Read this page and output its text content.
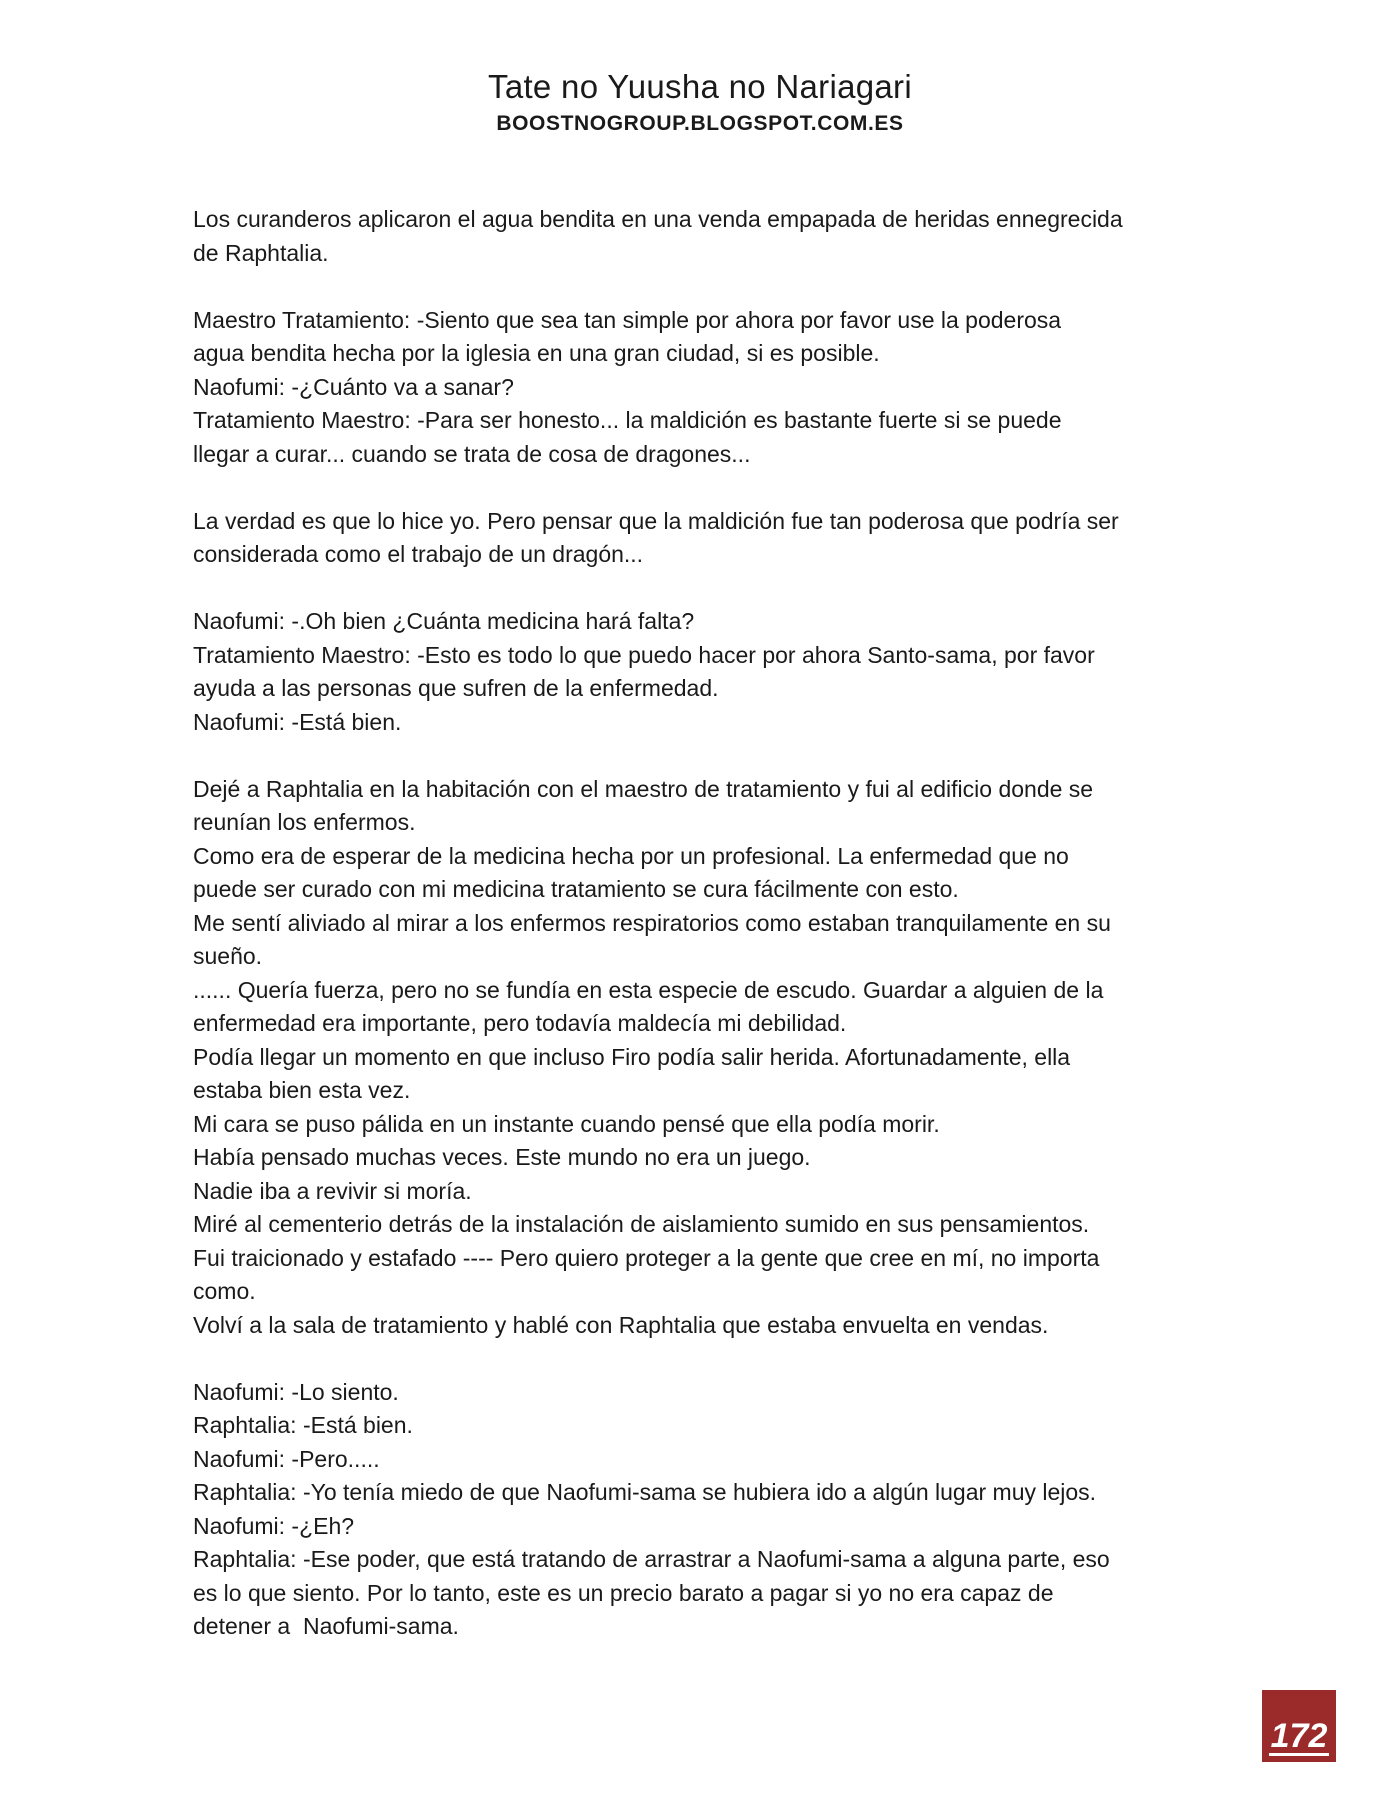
Tate no Yuusha no Nariagari
BOOSTNOGROUP.BLOGSPOT.COM.ES

Los curanderos aplicaron el agua bendita en una venda empapada de heridas ennegrecida

de Raphtalia.

Maestro Tratamiento: -Siento que sea tan simple por ahora por favor use la poderosa

agua bendita hecha por la iglesia en una gran ciudad, si es posible.

Naofumi: -¿Cuánto va a sanar?

Tratamiento Maestro: -Para ser honesto... la maldición es bastante fuerte si se puede

llegar a curar... cuando se trata de cosa de dragones...

La verdad es que lo hice yo. Pero pensar que la maldición fue tan poderosa que podría ser

considerada como el trabajo de un dragón...

Naofumi: -.Oh bien ¿Cuánta medicina hará falta?

Tratamiento Maestro: -Esto es todo lo que puedo hacer por ahora Santo-sama, por favor

ayuda a las personas que sufren de la enfermedad.

Naofumi: -Está bien.

Dejé a Raphtalia en la habitación con el maestro de tratamiento y fui al edificio donde se

reunían los enfermos.

Como era de esperar de la medicina hecha por un profesional. La enfermedad que no

puede ser curado con mi medicina tratamiento se cura fácilmente con esto.

Me sentí aliviado al mirar a los enfermos respiratorios como estaban tranquilamente en su

sueño.

...... Quería fuerza, pero no se fundía en esta especie de escudo. Guardar a alguien de la

enfermedad era importante, pero todavía maldecía mi debilidad.

Podía llegar un momento en que incluso Firo podía salir herida. Afortunadamente, ella

estaba bien esta vez.

Mi cara se puso pálida en un instante cuando pensé que ella podía morir.

Había pensado muchas veces. Este mundo no era un juego.

Nadie iba a revivir si moría.

Miré al cementerio detrás de la instalación de aislamiento sumido en sus pensamientos.

Fui traicionado y estafado ---- Pero quiero proteger a la gente que cree en mí, no importa

como.

Volví a la sala de tratamiento y hablé con Raphtalia que estaba envuelta en vendas.

Naofumi: -Lo siento.

Raphtalia: -Está bien.

Naofumi: -Pero.....

Raphtalia: -Yo tenía miedo de que Naofumi-sama se hubiera ido a algún lugar muy lejos.

Naofumi: -¿Eh?

Raphtalia: -Ese poder, que está tratando de arrastrar a Naofumi-sama a alguna parte, eso

es lo que siento. Por lo tanto, este es un precio barato a pagar si yo no era capaz de

detener a  Naofumi-sama.

172
